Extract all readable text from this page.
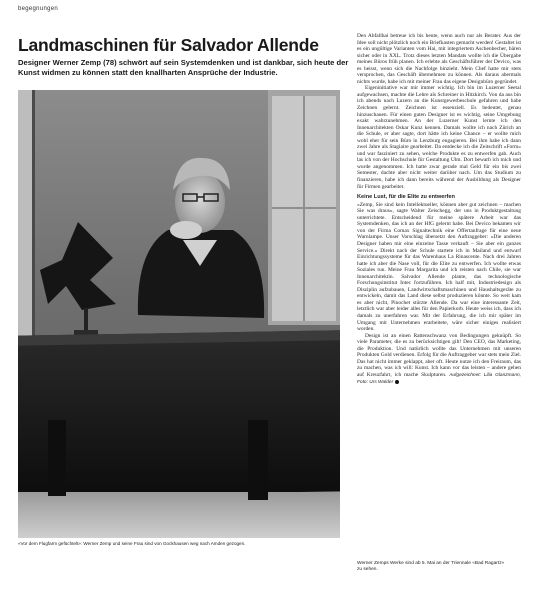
begegnungen
Landmaschinen für Salvador Allende

Designer Werner Zemp (78) schwört auf sein Systemdenken und ist dankbar, sich heute der Kunst widmen zu können statt den knallharten Ansprüche der Industrie.

«Vor dem Flugfarm gefüchtelt»: Werner Zemp und seine Frau sind von Gockhausen weg nach Amden gezogen.

Den Abfallhai betreue ich bis heute, wenn auch nur als Berater. Aus der Idee soll nicht plötzlich noch ein Briefkasten gemacht werden! Gestaltet ist es ein ungültige Varianten vom Hai, mit integriertem Aschenbecher, bären sicher oder in XXL. Trotz dieses letzten Mandats wollte ich die Übergabe meines Büros früh planen. Ich erlebte als Geschäftsführer der Devico, was es heisst, wenn sich die Nachfolge hinzieht. Mein Chef hatte mir stets versprochen, das Geschäft übernehmen zu können. Als daraus abermals nichts wurde, habe ich mit meiner Frau das eigene Designbüro gegründet.

Eigeninitiative war mir immer wichtig. Ich bin im Luzerner Seetal aufgewachsen, machte die Lehre als Schreiner in Hitzkirch. Von da aus bin ich abends nach Luzern an die Kunstgewerbeschule gefahren und habe Zeichnen gelernt. Zeichnen ist essenziell. Es bedeutet, genau hinzuschauen. Für einen guten Designer ist es wichtig, seine Umgebung exakt wahrzunehmen. An der Luzerner Kunst lernte ich den Innenarchitekten Oskar Kunz kennen. Damals wollte ich nach Zürich an die Schule, er aber sagte, dort hätte ich keine Chance – er wollte mich wohl eher für sein Büro in Lenzburg engagieren. Bei ihm habe ich dann zwei Jahre als Stagiaire gearbeitet. Da entdecke ich die Zeitschrift «Form» und war fasziniert zu sehen, welche Produkte es zu entwerfen gab. Auch las ich von der Hochschule für Gestaltung Ulm. Dort bewarb ich mich und wurde angenommen. Ich hatte zwar gerade mal Geld für ein bis zwei Semester, dachte aber nicht weiter darüber nach. Um das Studium zu finanzieren, habe ich dann bereits während der Ausbildung als Designer für Firmen gearbeitet.

Keine Lust, für die Elite zu entwerfen

«Zemp, Sie sind kein Intellektueller, können aber gut zeichnen – machen Sie was draus», sagte Walter Zeischegg, der uns in Produktgestaltung unterrichtete. Entscheidend für meine spätere Arbeit war das Systemdenken, das ich an der HfG gelernt habe. Bei Devico bekamen wir von der Firma Comax Signaltechnik eine Offertanfrage für eine neue Warnlampe. Unser Vorschlag übersetzt den Auftraggeber: «Die anderen Designer haben mir eine einzelne Tasse verkauft – Sie aber ein ganzes Service.» Direkt nach der Schule startete ich in Mailand und entwarf Einrichtungssysteme für das Warenhaus La Rinascente. Nach drei Jahren hatte ich aber die Nase voll, für die Elite zu entwerfen. Ich wollte etwas Soziales tun. Meine Frau Margarita und ich reisten nach Chile, sie war Innenarchitektin. Salvador Allende plante, das technologische Forschungsinstitut Intec fortzuführen. Ich half mit, Industriedesign als Disziplin aufzubauen, Landwirtschaftsmaschinen und Haushaltsgeräte zu entwickeln, damit das Land diese selbst produzieren könnte. So weit kam es aber nicht, Pinochet stürzte Allende. Da war eine interessante Zeit, letztlich war aber leider alles für den Papierkorb. Heute weiss ich, dass ich damals zu unerfahren war. Mit der Erfahrung, die ich mir später im Umgang mit Unternehmen erarbeitete, wäre sicher einiges realisiert worden.

Design ist an einen Rattenschwanz von Bedingungen geknüpft. So viele Parameter, die es zu berücksichtigen gilt! Den CEO, das Marketing, die Produktion. Und natürlich wollte das Unternehmen mit unseren Produkten Gold verdienen. Erfolg für die Auftraggeber war stets mein Ziel. Das hat nicht immer geklappt, aber oft. Heute nutze ich den Freiraum, das zu machen, was ich will: Kunst. Ich kann vor das leisten – andere gehen auf Kreuzfahrt, ich mache Skulpturen. Aufgezeichnet: Lilia Glanzmann, Foto: Urs Walder

Werner Zemps Werke sind ab 5. Mai an der Triennale «Bad Ragartz» zu sehen.
